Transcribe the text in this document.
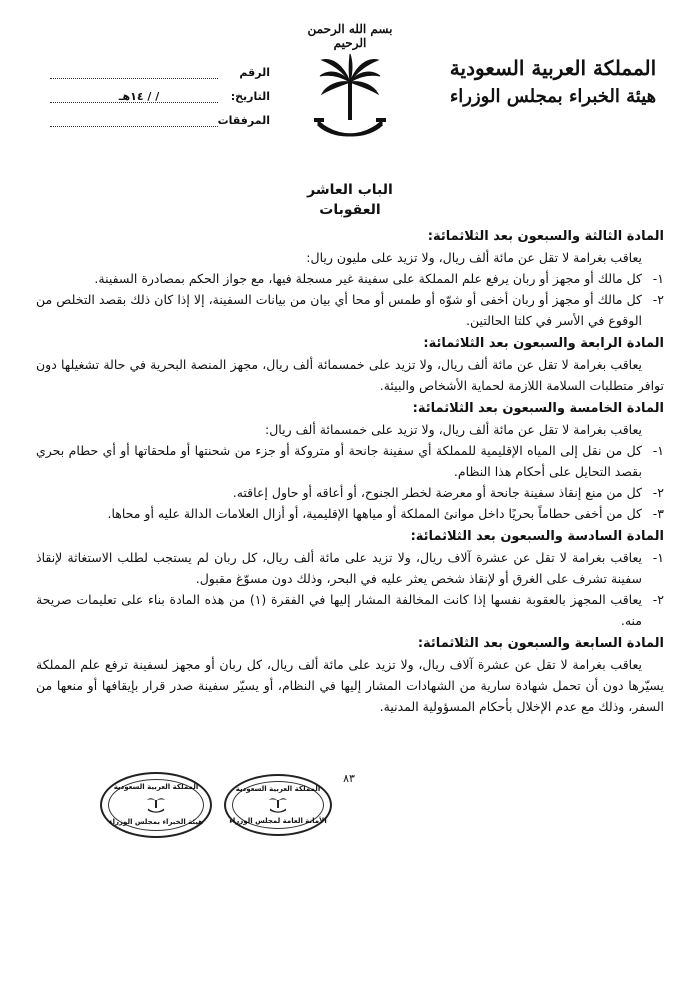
بسم الله الرحمن الرحيم
المملكة العربية السعودية
هيئة الخبراء بمجلس الوزراء
الرقم
التاريخ:
/ / ١٤هـ
المرفقات

الباب العاشر

العقوبات

المادة الثالثة والسبعون بعد الثلاثمائة:

يعاقب بغرامة لا تقل عن مائة ألف ريال، ولا تزيد على مليون ريال:

١-
كل مالك أو مجهز أو ربان يرفع علم المملكة على سفينة غير مسجلة فيها، مع جواز الحكم بمصادرة السفينة.
٢-
كل مالك أو مجهز أو ربان أخفى أو شوّه أو طمس أو محا أي بيان من بيانات السفينة، إلا إذا كان ذلك بقصد التخلص من الوقوع في الأسر في كلتا الحالتين.

المادة الرابعة والسبعون بعد الثلاثمائة:

يعاقب بغرامة لا تقل عن مائة ألف ريال، ولا تزيد على خمسمائة ألف ريال، مجهز المنصة البحرية في حالة تشغيلها دون توافر متطلبات السلامة اللازمة لحماية الأشخاص والبيئة.

المادة الخامسة والسبعون بعد الثلاثمائة:

يعاقب بغرامة لا تقل عن مائة ألف ريال، ولا تزيد على خمسمائة ألف ريال:

١-
كل من نقل إلى المياه الإقليمية للمملكة أي سفينة جانحة أو متروكة أو جزء من شحنتها أو ملحقاتها أو أي حطام بحري بقصد التحايل على أحكام هذا النظام.
٢-
كل من منع إنقاذ سفينة جانحة أو معرضة لخطر الجنوح، أو أعاقه أو حاول إعاقته.
٣-
كل من أخفى حطاماً بحريًا داخل موانئ المملكة أو مياهها الإقليمية، أو أزال العلامات الدالة عليه أو محاها.

المادة السادسة والسبعون بعد الثلاثمائة:

١-
يعاقب بغرامة لا تقل عن عشرة آلاف ريال، ولا تزيد على مائة ألف ريال، كل ربان لم يستجب لطلب الاستغاثة لإنقاذ سفينة تشرف على الغرق أو لإنقاذ شخص يعثر عليه في البحر، وذلك دون مسوّغ مقبول.
٢-
يعاقب المجهز بالعقوبة نفسها إذا كانت المخالفة المشار إليها في الفقرة (١) من هذه المادة بناء على تعليمات صريحة منه.

المادة السابعة والسبعون بعد الثلاثمائة:

يعاقب بغرامة لا تقل عن عشرة آلاف ريال، ولا تزيد على مائة ألف ريال، كل ربان أو مجهز لسفينة ترفع علم المملكة يسيّرها دون أن تحمل شهادة سارية من الشهادات المشار إليها في النظام، أو يسيّر سفينة صدر قرار بإيقافها أو منعها من السفر، وذلك مع عدم الإخلال بأحكام المسؤولية المدنية.

٨٣
المملكة العربية السعودية
هيئة الخبراء بمجلس الوزراء
المملكة العربية السعودية
الأمانة العامة لمجلس الوزراء
